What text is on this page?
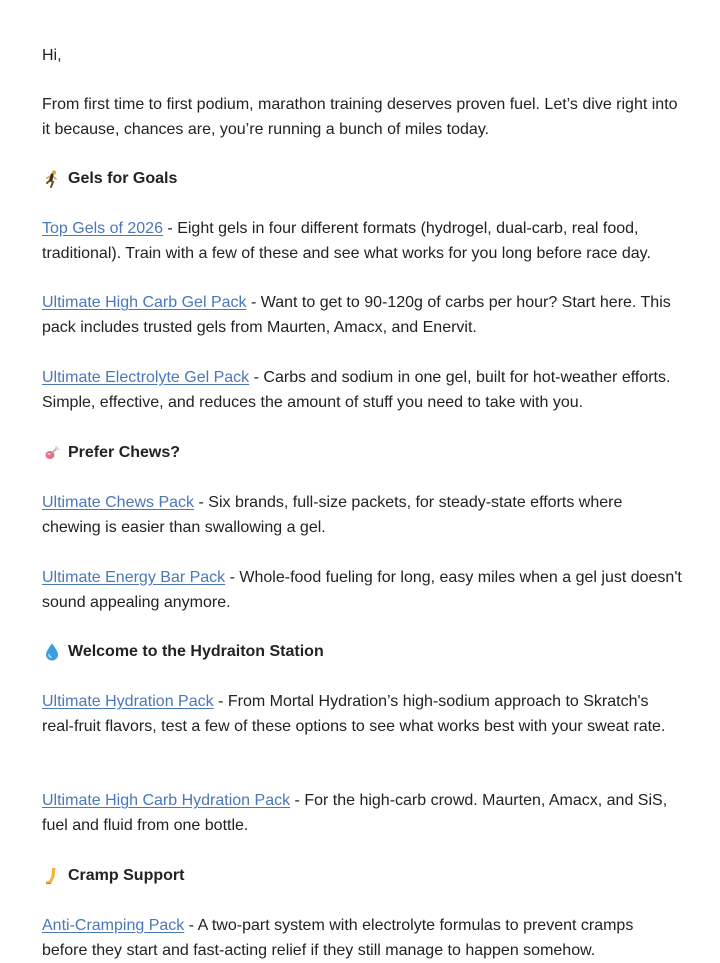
Hi,

From first time to first podium, marathon training deserves proven fuel. Let’s dive right into it because, chances are, you’re running a bunch of miles today.

Gels for Goals

Top Gels of 2026 - Eight gels in four different formats (hydrogel, dual-carb, real food, traditional). Train with a few of these and see what works for you long before race day.

Ultimate High Carb Gel Pack - Want to get to 90-120g of carbs per hour? Start here. This pack includes trusted gels from Maurten, Amacx, and Enervit.

Ultimate Electrolyte Gel Pack - Carbs and sodium in one gel, built for hot-weather efforts. Simple, effective, and reduces the amount of stuff you need to take with you.

Prefer Chews?

Ultimate Chews Pack - Six brands, full-size packets, for steady-state efforts where chewing is easier than swallowing a gel.

Ultimate Energy Bar Pack - Whole-food fueling for long, easy miles when a gel just doesn't sound appealing anymore.

Welcome to the Hydraiton Station

Ultimate Hydration Pack - From Mortal Hydration’s high-sodium approach to Skratch's real-fruit flavors, test a few of these options to see what works best with your sweat rate.

Ultimate High Carb Hydration Pack - For the high-carb crowd. Maurten, Amacx, and SiS, fuel and fluid from one bottle.

Cramp Support

Anti-Cramping Pack - A two-part system with electrolyte formulas to prevent cramps before they start and fast-acting relief if they still manage to happen somehow.
